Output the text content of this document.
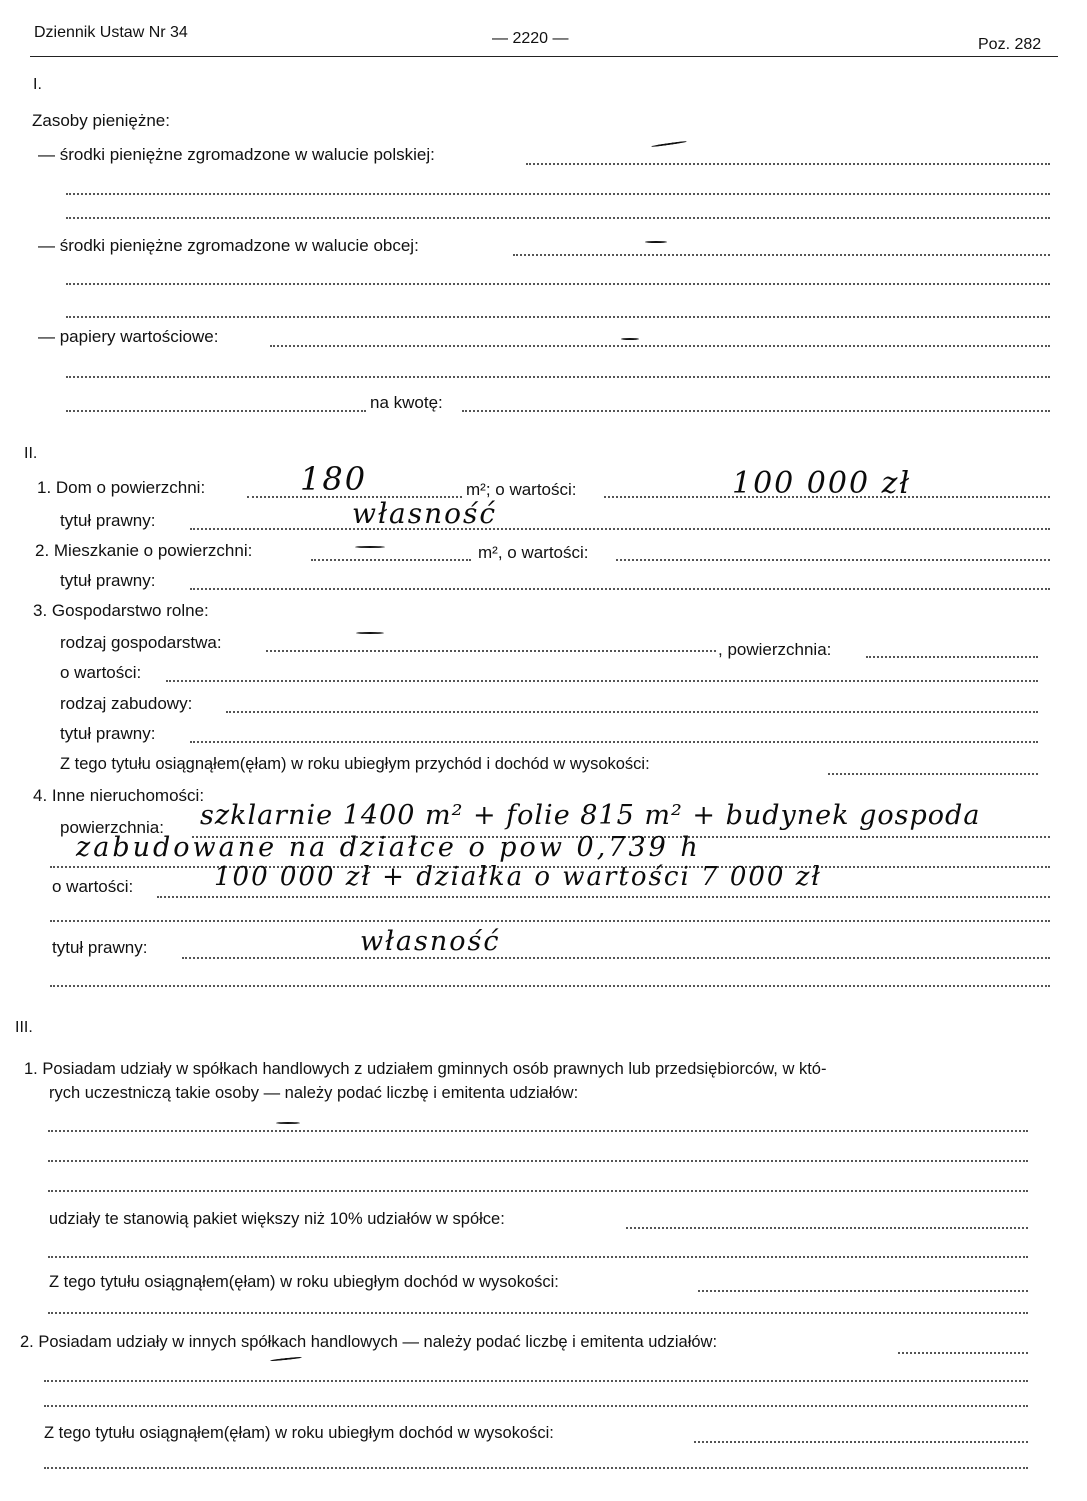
Dziennik Ustaw Nr 34	— 2220 —	Poz. 282
I.
Zasoby pieniężne:
— środki pieniężne zgromadzone w walucie polskiej:
— środki pieniężne zgromadzone w walucie obcej:
— papiery wartościowe:
na kwotę:
II.
1. Dom o powierzchni:	180	m²; o wartości:	100 000 zł
tytuł prawny:	własność
2. Mieszkanie o powierzchni:	m², o wartości:
tytuł prawny:
3. Gospodarstwo rolne:
rodzaj gospodarstwa:	, powierzchnia:
o wartości:
rodzaj zabudowy:
tytuł prawny:
Z tego tytułu osiągnąłem(ęłam) w roku ubiegłym przychód i dochód w wysokości:
4. Inne nieruchomości:
powierzchnia: szklarnie 1400 m² + folie 815 m² + budynek gospoda
zabudowane na działce o pow 0,739 h
o wartości:	100 000 zł + działka o wartości 7 000 zł
tytuł prawny:	własność
III.
1. Posiadam udziały w spółkach handlowych z udziałem gminnych osób prawnych lub przedsiębiorców, w któ-
rych uczestniczą takie osoby — należy podać liczbę i emitenta udziałów:
udziały te stanowią pakiet większy niż 10% udziałów w spółce:
Z tego tytułu osiągnąłem(ęłam) w roku ubiegłym dochód w wysokości:
2. Posiadam udziały w innych spółkach handlowych — należy podać liczbę i emitenta udziałów:
Z tego tytułu osiągnąłem(ęłam) w roku ubiegłym dochód w wysokości:
